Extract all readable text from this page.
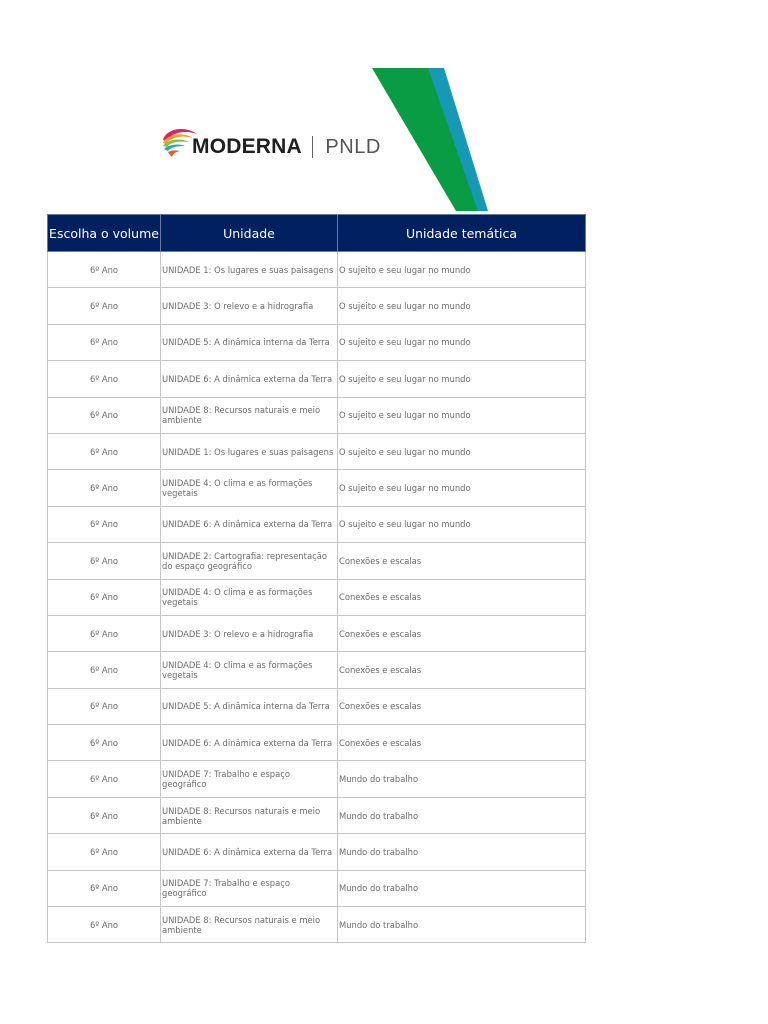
MODERNA PNLD
Escolha o volume	Unidade	Unidade temática
6º Ano	UNIDADE 1: Os lugares e suas paisagens	O sujeito e seu lugar no mundo
6º Ano	UNIDADE 3: O relevo e a hidrografia	O sujeito e seu lugar no mundo
6º Ano	UNIDADE 5: A dinâmica interna da Terra	O sujeito e seu lugar no mundo
6º Ano	UNIDADE 6: A dinâmica externa da Terra	O sujeito e seu lugar no mundo
6º Ano	UNIDADE 8: Recursos naturais e meio ambiente	O sujeito e seu lugar no mundo
6º Ano	UNIDADE 1: Os lugares e suas paisagens	O sujeito e seu lugar no mundo
6º Ano	UNIDADE 4: O clima e as formações vegetais	O sujeito e seu lugar no mundo
6º Ano	UNIDADE 6: A dinâmica externa da Terra	O sujeito e seu lugar no mundo
6º Ano	UNIDADE 2: Cartografia: representação do espaço geográfico	Conexões e escalas
6º Ano	UNIDADE 4: O clima e as formações vegetais	Conexões e escalas
6º Ano	UNIDADE 3: O relevo e a hidrografia	Conexões e escalas
6º Ano	UNIDADE 4: O clima e as formações vegetais	Conexões e escalas
6º Ano	UNIDADE 5: A dinâmica interna da Terra	Conexões e escalas
6º Ano	UNIDADE 6: A dinâmica externa da Terra	Conexões e escalas
6º Ano	UNIDADE 7: Trabalho e espaço geográfico	Mundo do trabalho
6º Ano	UNIDADE 8: Recursos naturais e meio ambiente	Mundo do trabalho
6º Ano	UNIDADE 6: A dinâmica externa da Terra	Mundo do trabalho
6º Ano	UNIDADE 7: Trabalho e espaço geográfico	Mundo do trabalho
6º Ano	UNIDADE 8: Recursos naturais e meio ambiente	Mundo do trabalho
